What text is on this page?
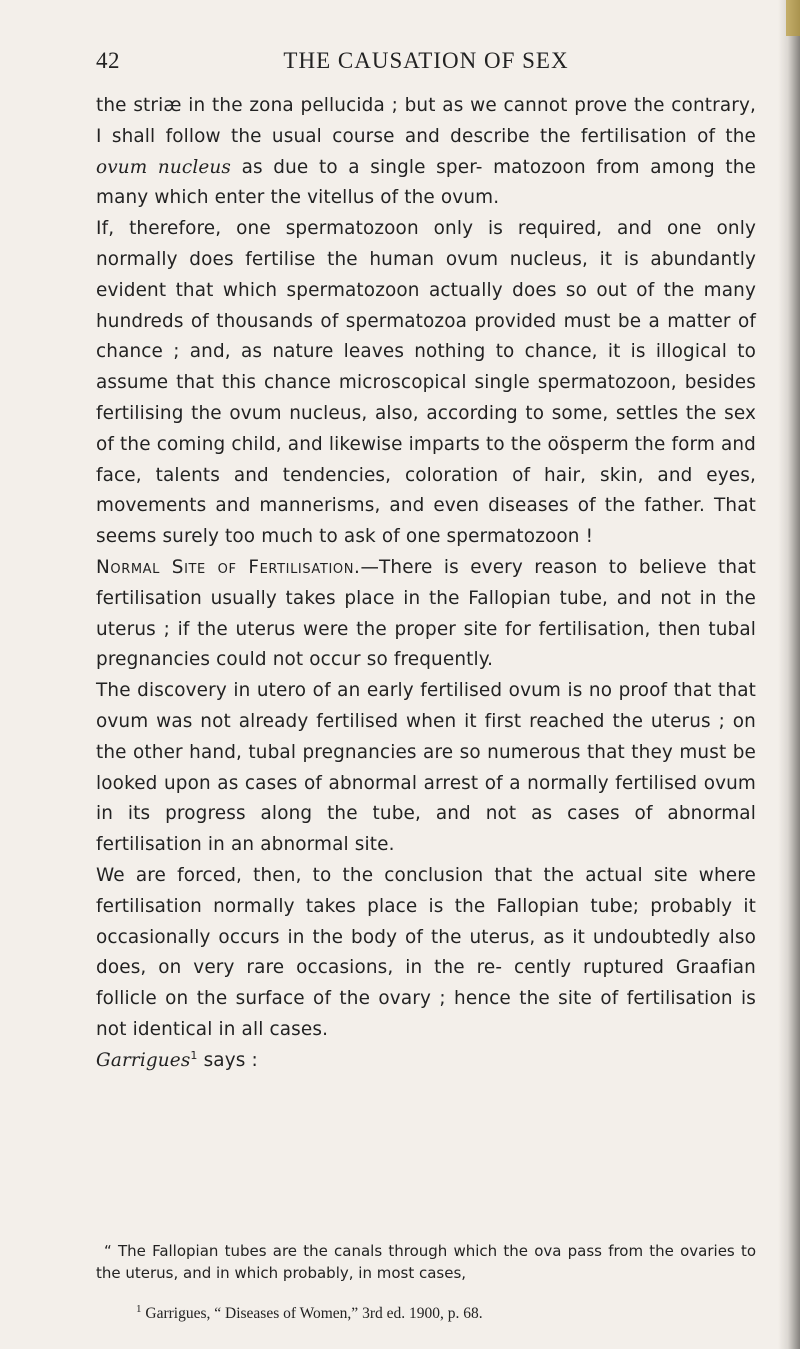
42	THE CAUSATION OF SEX

the striæ in the zona pellucida ; but as we cannot prove the contrary, I shall follow the usual course and describe the fertilisation of the ovum nucleus as due to a single sper- matozoon from among the many which enter the vitellus of the ovum.

If, therefore, one spermatozoon only is required, and one only normally does fertilise the human ovum nucleus, it is abundantly evident that which spermatozoon actually does so out of the many hundreds of thousands of spermatozoa provided must be a matter of chance ; and, as nature leaves nothing to chance, it is illogical to assume that this chance microscopical single spermatozoon, besides fertilising the ovum nucleus, also, according to some, settles the sex of the coming child, and likewise imparts to the oösperm the form and face, talents and tendencies, coloration of hair, skin, and eyes, movements and mannerisms, and even diseases of the father. That seems surely too much to ask of one spermatozoon !

Normal Site of Fertilisation.—There is every reason to believe that fertilisation usually takes place in the Fallopian tube, and not in the uterus ; if the uterus were the proper site for fertilisation, then tubal pregnancies could not occur so frequently.

The discovery in utero of an early fertilised ovum is no proof that that ovum was not already fertilised when it first reached the uterus ; on the other hand, tubal pregnancies are so numerous that they must be looked upon as cases of abnormal arrest of a normally fertilised ovum in its progress along the tube, and not as cases of abnormal fertilisation in an abnormal site.

We are forced, then, to the conclusion that the actual site where fertilisation normally takes place is the Fallopian tube; probably it occasionally occurs in the body of the uterus, as it undoubtedly also does, on very rare occasions, in the re- cently ruptured Graafian follicle on the surface of the ovary ; hence the site of fertilisation is not identical in all cases.

Garrigues$^1$ says :

“ The Fallopian tubes are the canals through which the ova pass from the ovaries to the uterus, and in which probably, in most cases,

$^1$ Garrigues, “ Diseases of Women,” 3rd ed. 1900, p. 68.
